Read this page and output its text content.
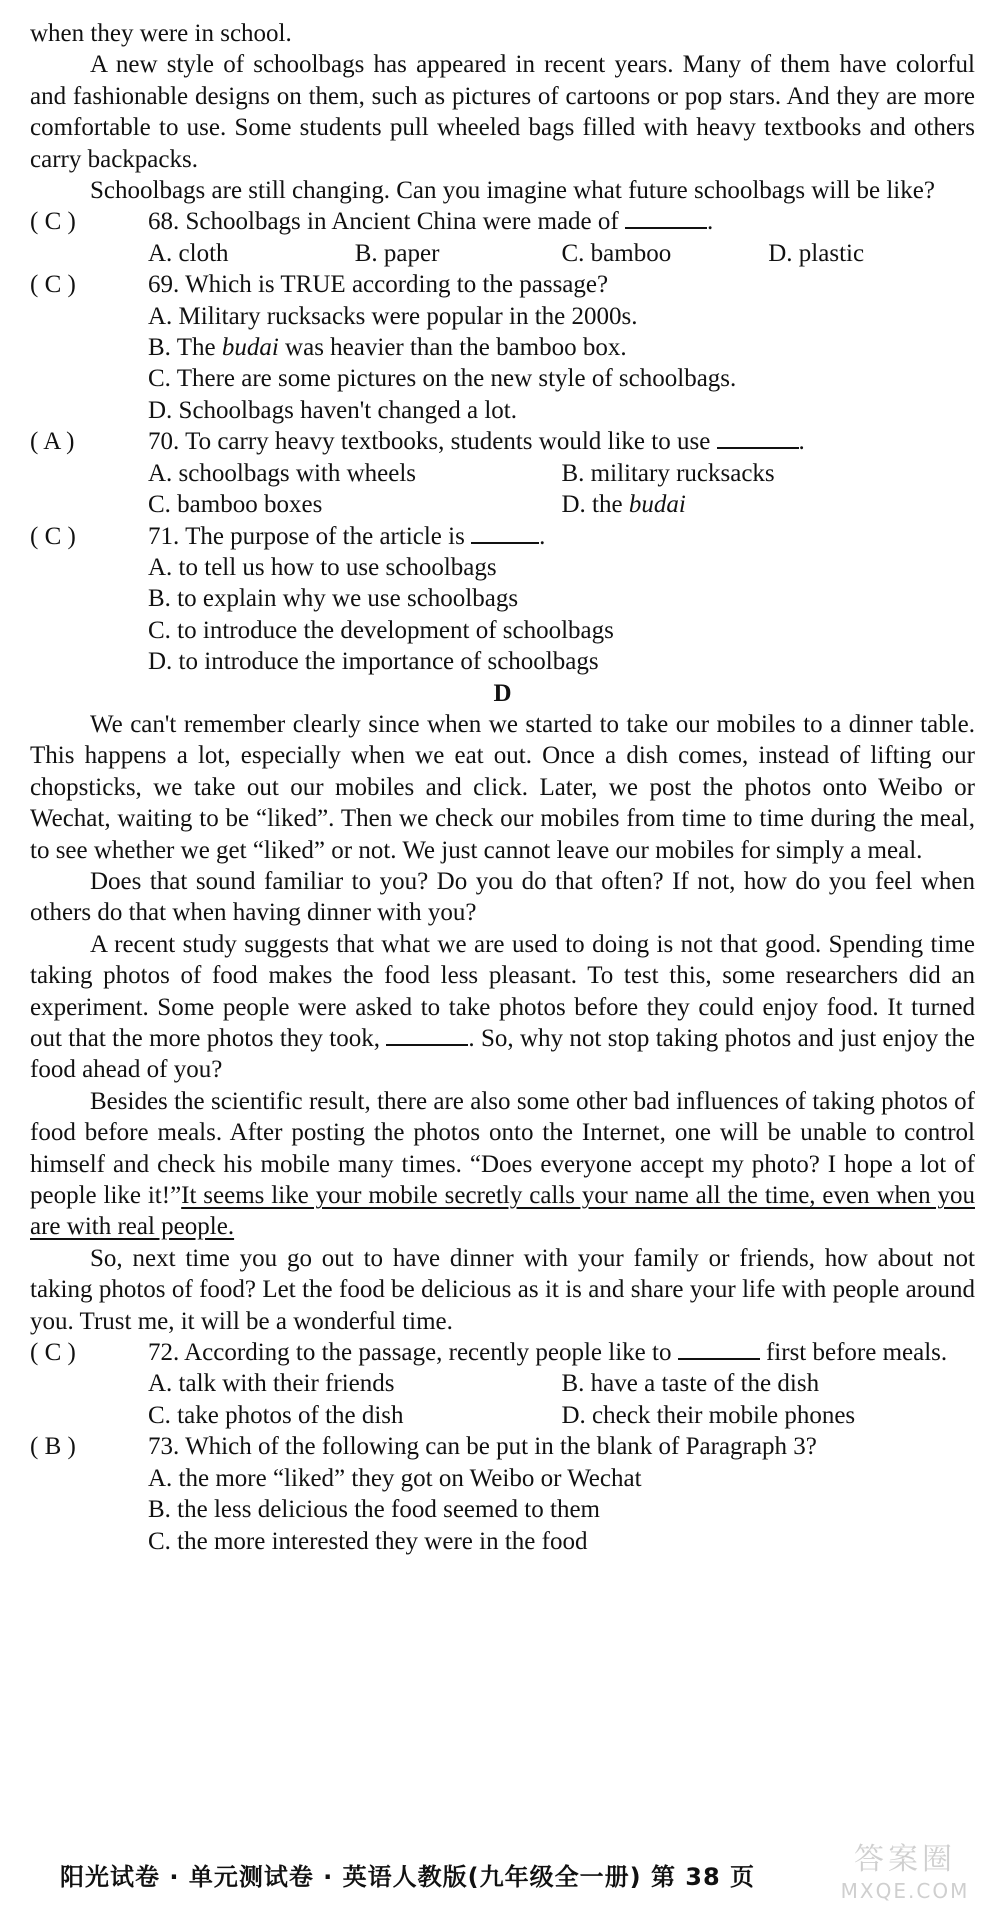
when they were in school.

A new style of schoolbags has appeared in recent years. Many of them have colorful and fashionable designs on them, such as pictures of cartoons or pop stars. And they are more comfortable to use. Some students pull wheeled bags filled with heavy textbooks and others carry backpacks.

Schoolbags are still changing. Can you imagine what future schoolbags will be like?

( C )	68. Schoolbags in Ancient China were made of	.
A. cloth	B. paper	C. bamboo	D. plastic
( C )	69. Which is TRUE according to the passage?
A. Military rucksacks were popular in the 2000s.
B. The budai was heavier than the bamboo box.
C. There are some pictures on the new style of schoolbags.
D. Schoolbags haven't changed a lot.
( A )	70. To carry heavy textbooks, students would like to use	.
A. schoolbags with wheels	B. military rucksacks
C. bamboo boxes	D. the budai
( C )	71. The purpose of the article is	.
A. to tell us how to use schoolbags
B. to explain why we use schoolbags
C. to introduce the development of schoolbags
D. to introduce the importance of schoolbags

D

We can't remember clearly since when we started to take our mobiles to a dinner table. This happens a lot, especially when we eat out. Once a dish comes, instead of lifting our chopsticks, we take out our mobiles and click. Later, we post the photos onto Weibo or Wechat, waiting to be “liked”. Then we check our mobiles from time to time during the meal, to see whether we get “liked” or not. We just cannot leave our mobiles for simply a meal.

Does that sound familiar to you? Do you do that often? If not, how do you feel when others do that when having dinner with you?

A recent study suggests that what we are used to doing is not that good. Spending time taking photos of food makes the food less pleasant. To test this, some researchers did an experiment. Some people were asked to take photos before they could enjoy food. It turned out that the more photos they took,	. So, why not stop taking photos and just enjoy the food ahead of you?

Besides the scientific result, there are also some other bad influences of taking photos of food before meals. After posting the photos onto the Internet, one will be unable to control himself and check his mobile many times. “Does everyone accept my photo? I hope a lot of people like it!”It seems like your mobile secretly calls your name all the time, even when you are with real people.

So, next time you go out to have dinner with your family or friends, how about not taking photos of food? Let the food be delicious as it is and share your life with people around you. Trust me, it will be a wonderful time.

( C )	72. According to the passage, recently people like to	first before meals.
A. talk with their friends	B. have a taste of the dish
C. take photos of the dish	D. check their mobile phones
( B )	73. Which of the following can be put in the blank of Paragraph 3?
A. the more “liked” they got on Weibo or Wechat
B. the less delicious the food seemed to them
C. the more interested they were in the food
阳光试卷 · 单元测试卷 · 英语人教版(九年级全一册) 第 38 页	答案圈
MXQE.COM
